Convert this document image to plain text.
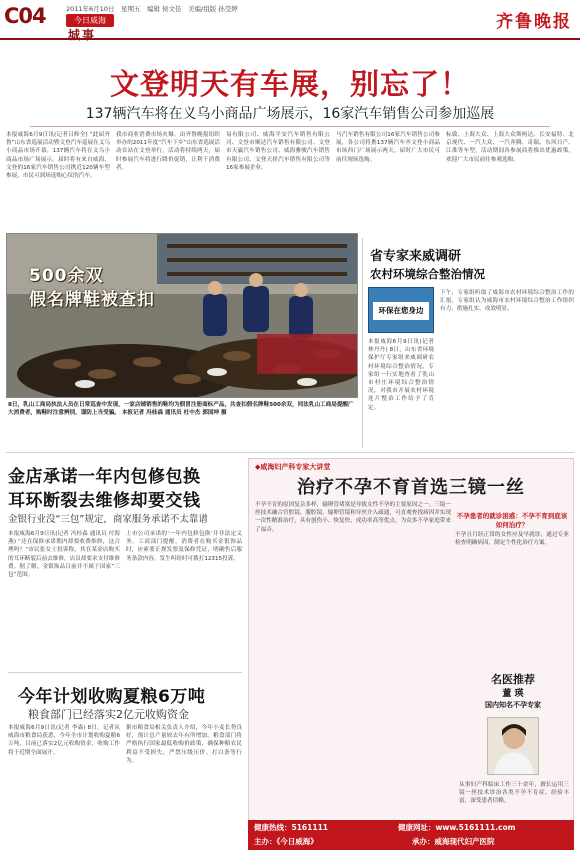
C04	2011年6月10日　星期五　编辑 侯文佳　美编/组版 孙莹婷
今日威海
城事
齐鲁晚报
文登明天有车展，别忘了！
137辆汽车将在义乌小商品广场展示，16家汽车销售公司参加巡展
本报威海6月9日讯(记者吕修全) “此届齐鲁”山东省巡展活动暨文登汽车巡展在义乌小商品市场开幕，137辆汽车将在义乌小商品市场广场展示。届时将有来自威海、文登的16家汽车销售公司携近120辆车型参展，市民可到场选购心仪的汽车。
我市商业消费市场火爆。由齐鲁晚报组织举办的2011年度“汽车下乡”山东省巡展活动首站在文登举行，活动将持续两天，届时参展汽车将进行降价促销，让利于消费者。
易有限公司、威海平安汽车销售有限公司、文登市顺达汽车销售有限公司、文登市天赢汽车销售公司、威海雅骏汽车销售有限公司、文登天择汽车销售有限公司等16家参展企业。
马汽车销售有限公司16家汽车销售公司参展，各公司将携137辆汽车齐文登小商品市场西门广场展示两天，届时广大市民可前往现场选购。
标致、上海大众、上海大众斯柯达、长安福特、北京现代、一汽大众、一汽奔腾、奇瑞、东风日产、江淮等车型，活动期间各参展商将推出优惠政策，欢迎广大市民前往参观选购。
500余双
假名牌鞋被查扣
8日，乳山工商局执法人员在日常巡查中发现，一家店铺销售的鞋均为假冒注册商标产品，共查扣假名牌鞋500余双，同法乳山工商局提醒广大消费者，购鞋时注意辨别，谨防上当受骗。 本报记者 冯桂森 通讯员 杜中杰 郭国坤 摄
省专家来威调研
农村环境综合整治情况
环保在您身边
本报威海6月9日讯(记者 林丹丹) 8日，山东省环境保护厅专家组来威调研农村环境综合整治情况，专家组一行实地查看了乳山市村庄环境综合整治情况，对我市开展农村环境连片整治工作给予了肯定。
下午，专家组听取了威海市农村环境综合整治工作的汇报，专家组认为威海市农村环境综合整治工作组织有力、措施扎实、成效明显。
金店承诺一年内包修包换
耳环断裂去维修却要交钱
金银行业没“三包”规定，商家服务承诺不太靠谱
本报威海6月9日讯(记者 冯桂森 通讯员 付海燕) “还在保修承诺期内却要收费维修，这合理吗？”市民张女士投诉称，其在某金店购买的耳环断裂后前去维修，店员却要求支付维修费。据了解，金银饰品目前并不属于国家“三包”范围。
上市公司承诺的‘一年内包修包换’并非法定义务。工商部门提醒，消费者在购买金银饰品时，应索要正规发票及保修凭证，明确售后服务条款内容，发生纠纷时可拨打12315投诉。
今年计划收购夏粮6万吨
粮食部门已经落实2亿元收购资金
本报威海6月9日讯(记者 李森) 8日，记者从威海市粮食局获悉，今年全市计划收购夏粮6万吨，目前已落实2亿元收购资金，收购工作将于近期全面展开。
据市粮食局相关负责人介绍，今年小麦长势良好，预计总产量较去年有所增加。粮食部门将严格执行国家最低收购价政策，确保种粮农民利益不受损失，严禁压级压价、打白条等行为。
◆威海妇产科专家大讲堂
治疗不孕不育首选三镜一丝
不孕不育的原因复杂多样，输卵管堵塞是导致女性不孕的主要原因之一。三镜一丝技术融合宫腔镜、腹腔镜、输卵管镜和导丝介入疏通，可直观查找病因并实现一次性精准治疗，具有创伤小、恢复快、成功率高等优点，为众多不孕家庭带来了福音。
不孕患者的就诊困惑：不孕不育到底该如何治疗？
不孕且月经正常的女性应及早就诊，通过专业检查明确病因，制定个性化治疗方案。
名医推荐
董 瑛
国内知名不孕专家
从事妇产科临床工作三十余年，擅长运用三镜一丝技术诊治各类不孕不育症，经验丰富，深受患者信赖。
主办：《今日威海》	承办：威海现代妇产医院
健康热线：5161111	健康网址：www.5161111.com
